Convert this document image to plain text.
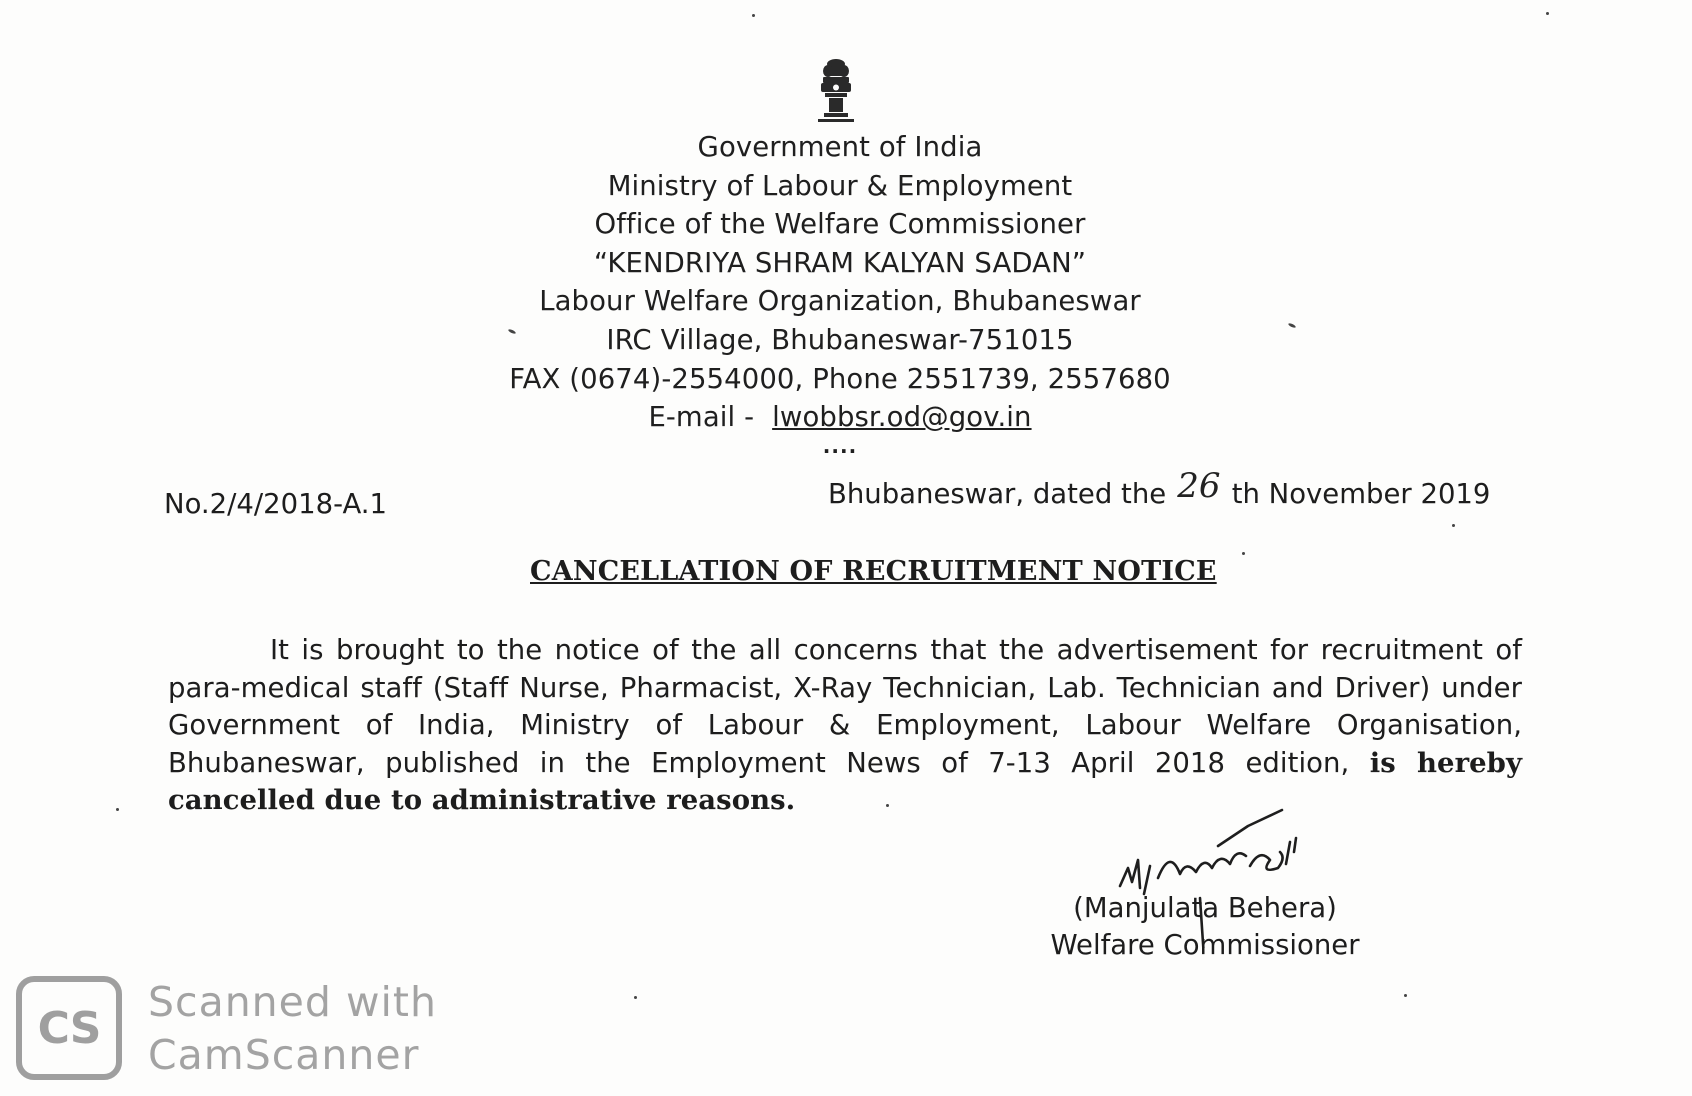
Government of India
Ministry of Labour & Employment
Office of the Welfare Commissioner
“KENDRIYA SHRAM KALYAN SADAN”
Labour Welfare Organization, Bhubaneswar
IRC Village, Bhubaneswar-751015
FAX (0674)-2554000, Phone 2551739, 2557680
E-mail - lwobbsr.od@gov.in
....
No.2/4/2018-A.1	Bhubaneswar, dated the 26 th November 2019
CANCELLATION OF RECRUITMENT NOTICE
It is brought to the notice of the all concerns that the advertisement for recruitment of para-medical staff (Staff Nurse, Pharmacist, X-Ray Technician, Lab. Technician and Driver) under Government of India, Ministry of Labour & Employment, Labour Welfare Organisation, Bhubaneswar, published in the Employment News of 7-13 April 2018 edition, is hereby cancelled due to administrative reasons.
(Manjulata Behera)
Welfare Commissioner
CS
Scanned with
CamScanner
